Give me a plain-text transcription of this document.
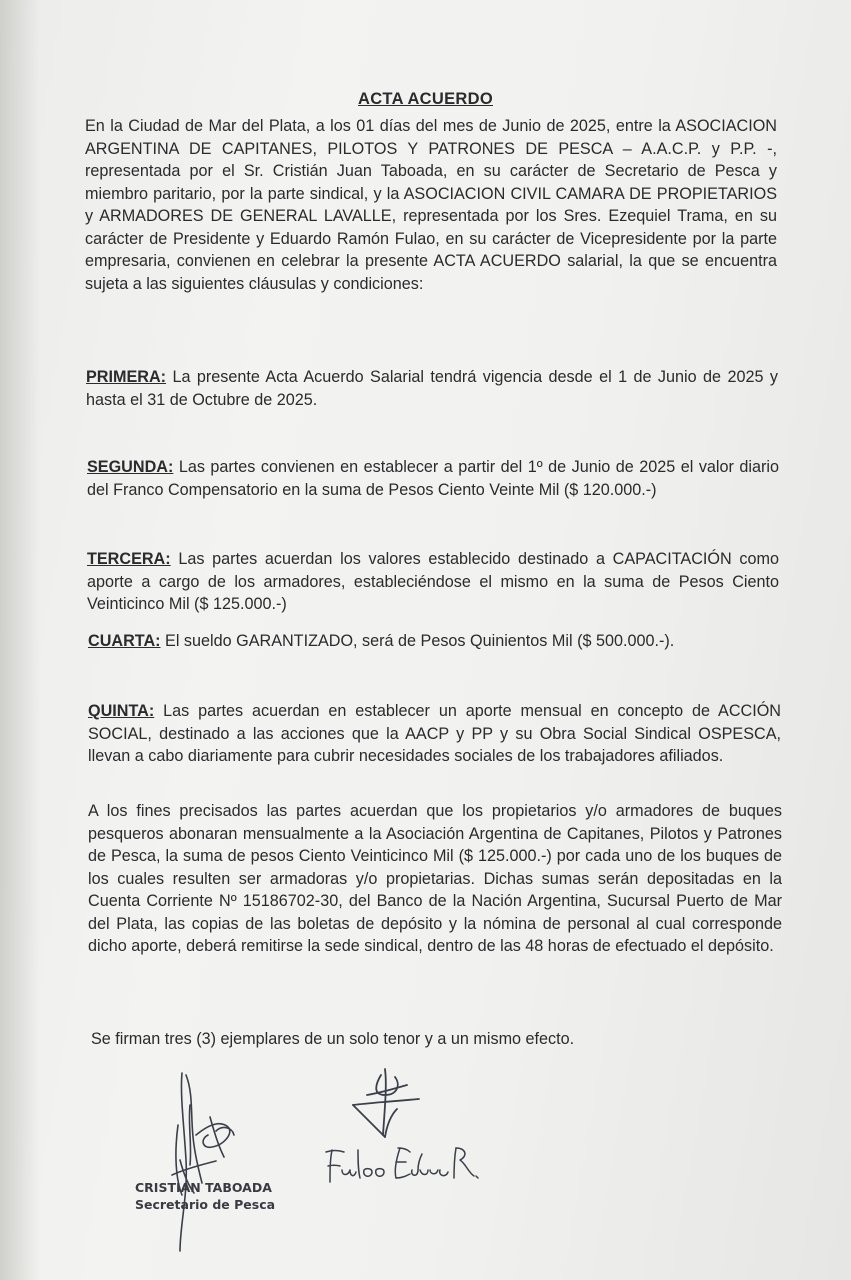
ACTA ACUERDO
En la Ciudad de Mar del Plata, a los 01 días del mes de Junio de 2025, entre la ASOCIACION ARGENTINA DE CAPITANES, PILOTOS Y PATRONES DE PESCA – A.A.C.P. y P.P. -, representada por el Sr. Cristián Juan Taboada, en su carácter de Secretario de Pesca y miembro paritario, por la parte sindical, y la ASOCIACION CIVIL CAMARA DE PROPIETARIOS y ARMADORES DE GENERAL LAVALLE, representada por los Sres. Ezequiel Trama, en su carácter de Presidente y Eduardo Ramón Fulao, en su carácter de Vicepresidente por la parte empresaria, convienen en celebrar la presente ACTA ACUERDO salarial, la que se encuentra sujeta a las siguientes cláusulas y condiciones:
PRIMERA: La presente Acta Acuerdo Salarial tendrá vigencia desde el 1 de Junio de 2025 y hasta el 31 de Octubre de 2025.
SEGUNDA: Las partes convienen en establecer a partir del 1º de Junio de 2025 el valor diario del Franco Compensatorio en la suma de Pesos Ciento Veinte Mil ($ 120.000.-)
TERCERA: Las partes acuerdan los valores establecido destinado a CAPACITACIÓN como aporte a cargo de los armadores, estableciéndose el mismo en la suma de Pesos Ciento Veinticinco Mil ($ 125.000.-)
CUARTA: El sueldo GARANTIZADO, será de Pesos Quinientos Mil ($ 500.000.-).
QUINTA: Las partes acuerdan en establecer un aporte mensual en concepto de ACCIÓN SOCIAL, destinado a las acciones que la AACP y PP y su Obra Social Sindical OSPESCA, llevan a cabo diariamente para cubrir necesidades sociales de los trabajadores afiliados.
A los fines precisados las partes acuerdan que los propietarios y/o armadores de buques pesqueros abonaran mensualmente a la Asociación Argentina de Capitanes, Pilotos y Patrones de Pesca, la suma de pesos Ciento Veinticinco Mil ($ 125.000.-) por cada uno de los buques de los cuales resulten ser armadoras y/o propietarias. Dichas sumas serán depositadas en la Cuenta Corriente Nº 15186702-30, del Banco de la Nación Argentina, Sucursal Puerto de Mar del Plata, las copias de las boletas de depósito y la nómina de personal al cual corresponde dicho aporte, deberá remitirse la sede sindical, dentro de las 48 horas de efectuado el depósito.
Se firman tres (3) ejemplares de un solo tenor y a un mismo efecto.
CRISTIAN TABOADA
Secretario de Pesca
